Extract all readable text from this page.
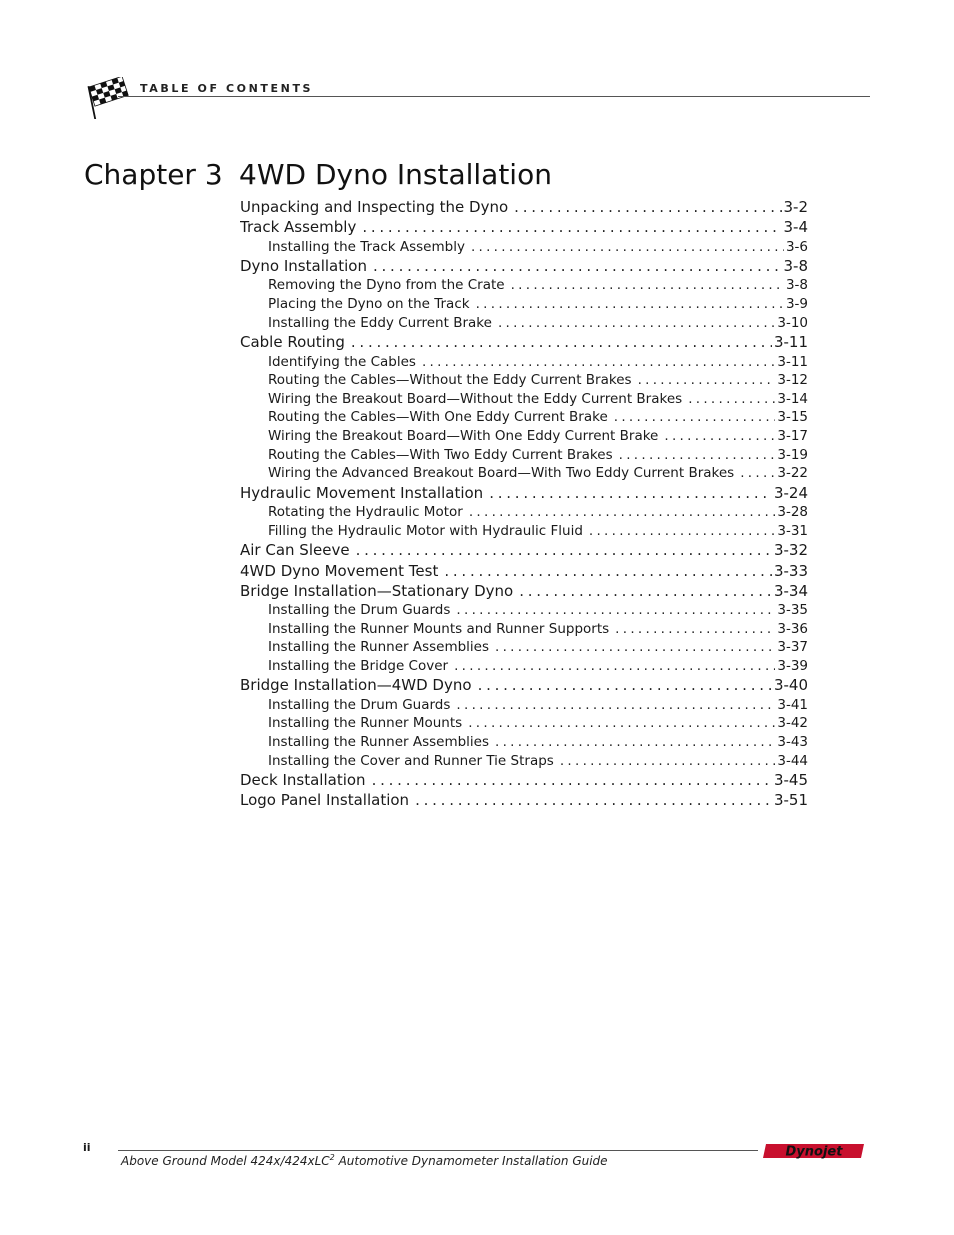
TABLE OF CONTENTS
Chapter 3 4WD Dyno Installation
Unpacking and Inspecting the Dyno . . .	3-2
Track Assembly . . .	3-4
Installing the Track Assembly . . .	3-6
Dyno Installation . . .	3-8
Removing the Dyno from the Crate . . .	3-8
Placing the Dyno on the Track . . .	3-9
Installing the Eddy Current Brake . . .	3-10
Cable Routing . . .	3-11
Identifying the Cables . . .	3-11
Routing the Cables—Without the Eddy Current Brakes . . .	3-12
Wiring the Breakout Board—Without the Eddy Current Brakes . . .	3-14
Routing the Cables—With One Eddy Current Brake . . .	3-15
Wiring the Breakout Board—With One Eddy Current Brake . . .	3-17
Routing the Cables—With Two Eddy Current Brakes . . .	3-19
Wiring the Advanced Breakout Board—With Two Eddy Current Brakes . . .	3-22
Hydraulic Movement Installation . . .	3-24
Rotating the Hydraulic Motor . . .	3-28
Filling the Hydraulic Motor with Hydraulic Fluid . . .	3-31
Air Can Sleeve . . .	3-32
4WD Dyno Movement Test . . .	3-33
Bridge Installation—Stationary Dyno . . .	3-34
Installing the Drum Guards . . .	3-35
Installing the Runner Mounts and Runner Supports . . .	3-36
Installing the Runner Assemblies . . .	3-37
Installing the Bridge Cover . . .	3-39
Bridge Installation—4WD Dyno . . .	3-40
Installing the Drum Guards . . .	3-41
Installing the Runner Mounts . . .	3-42
Installing the Runner Assemblies . . .	3-43
Installing the Cover and Runner Tie Straps . . .	3-44
Deck Installation . . .	3-45
Logo Panel Installation . . .	3-51
ii
Above Ground Model 424x/424xLC$^2$ Automotive Dynamometer Installation Guide
Dynojet
